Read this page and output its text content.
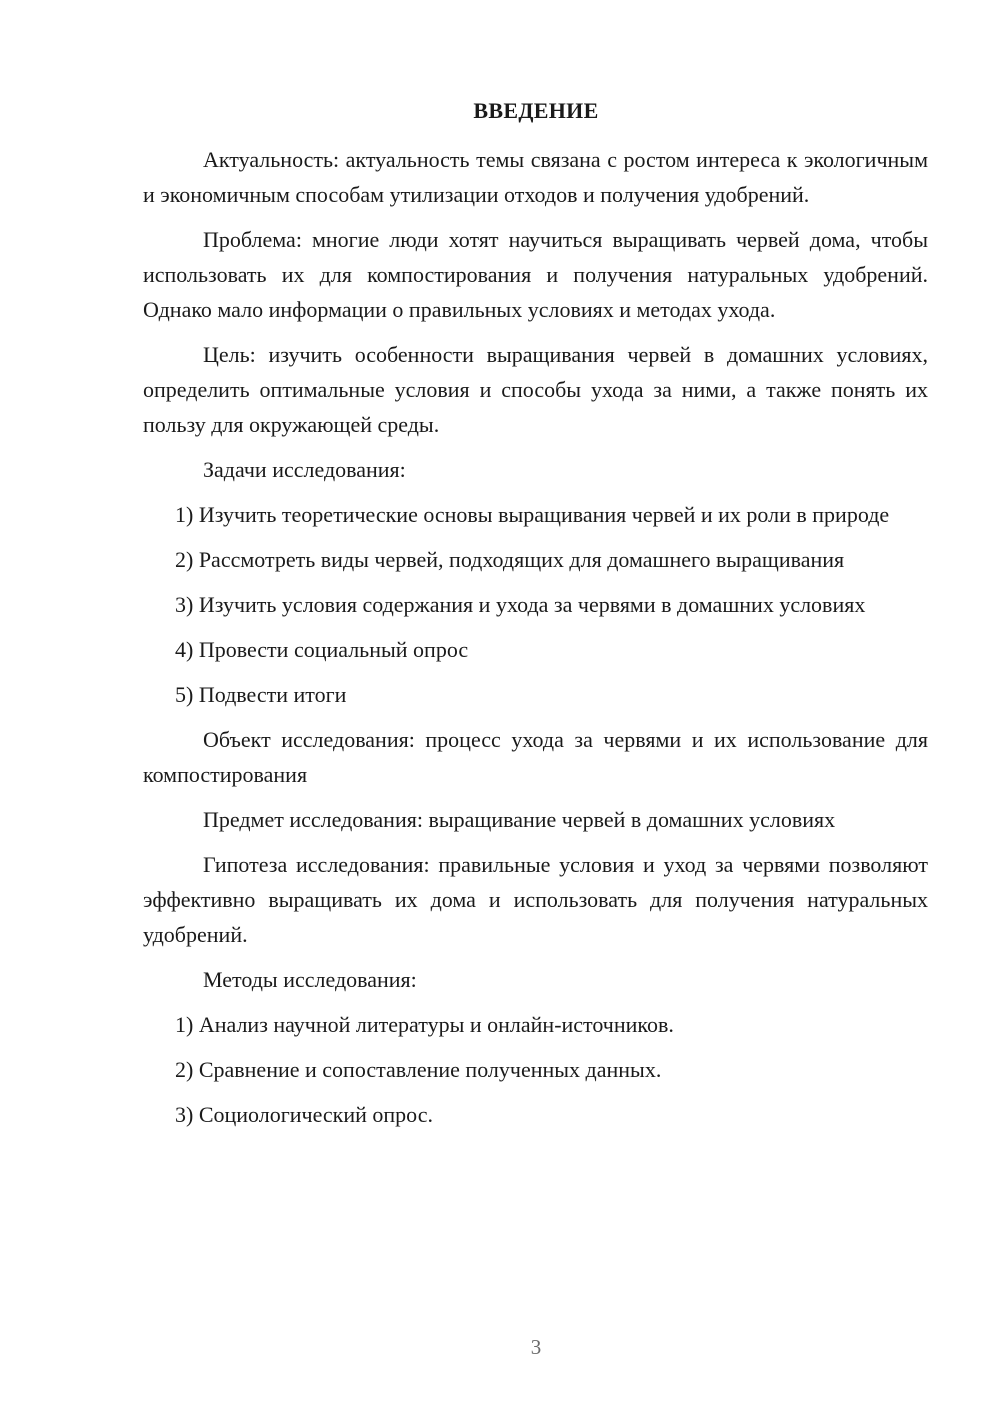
ВВЕДЕНИЕ

Актуальность: актуальность темы связана с ростом интереса к экологичным и экономичным способам утилизации отходов и получения удобрений.

Проблема: многие люди хотят научиться выращивать червей дома, чтобы использовать их для компостирования и получения натуральных удобрений. Однако мало информации о правильных условиях и методах ухода.

Цель: изучить особенности выращивания червей в домашних условиях, определить оптимальные условия и способы ухода за ними, а также понять их пользу для окружающей среды.

Задачи исследования:

1) Изучить теоретические основы выращивания червей и их роли в природе

2) Рассмотреть виды червей, подходящих для домашнего выращивания

3) Изучить условия содержания и ухода за червями в домашних условиях

4) Провести социальный опрос

5) Подвести итоги

Объект исследования: процесс ухода за червями и их использование для компостирования

Предмет исследования: выращивание червей в домашних условиях

Гипотеза исследования: правильные условия и уход за червями позволяют эффективно выращивать их дома и использовать для получения натуральных удобрений.

Методы исследования:

1) Анализ научной литературы и онлайн-источников.

2) Сравнение и сопоставление полученных данных.

3) Социологический опрос.

3
